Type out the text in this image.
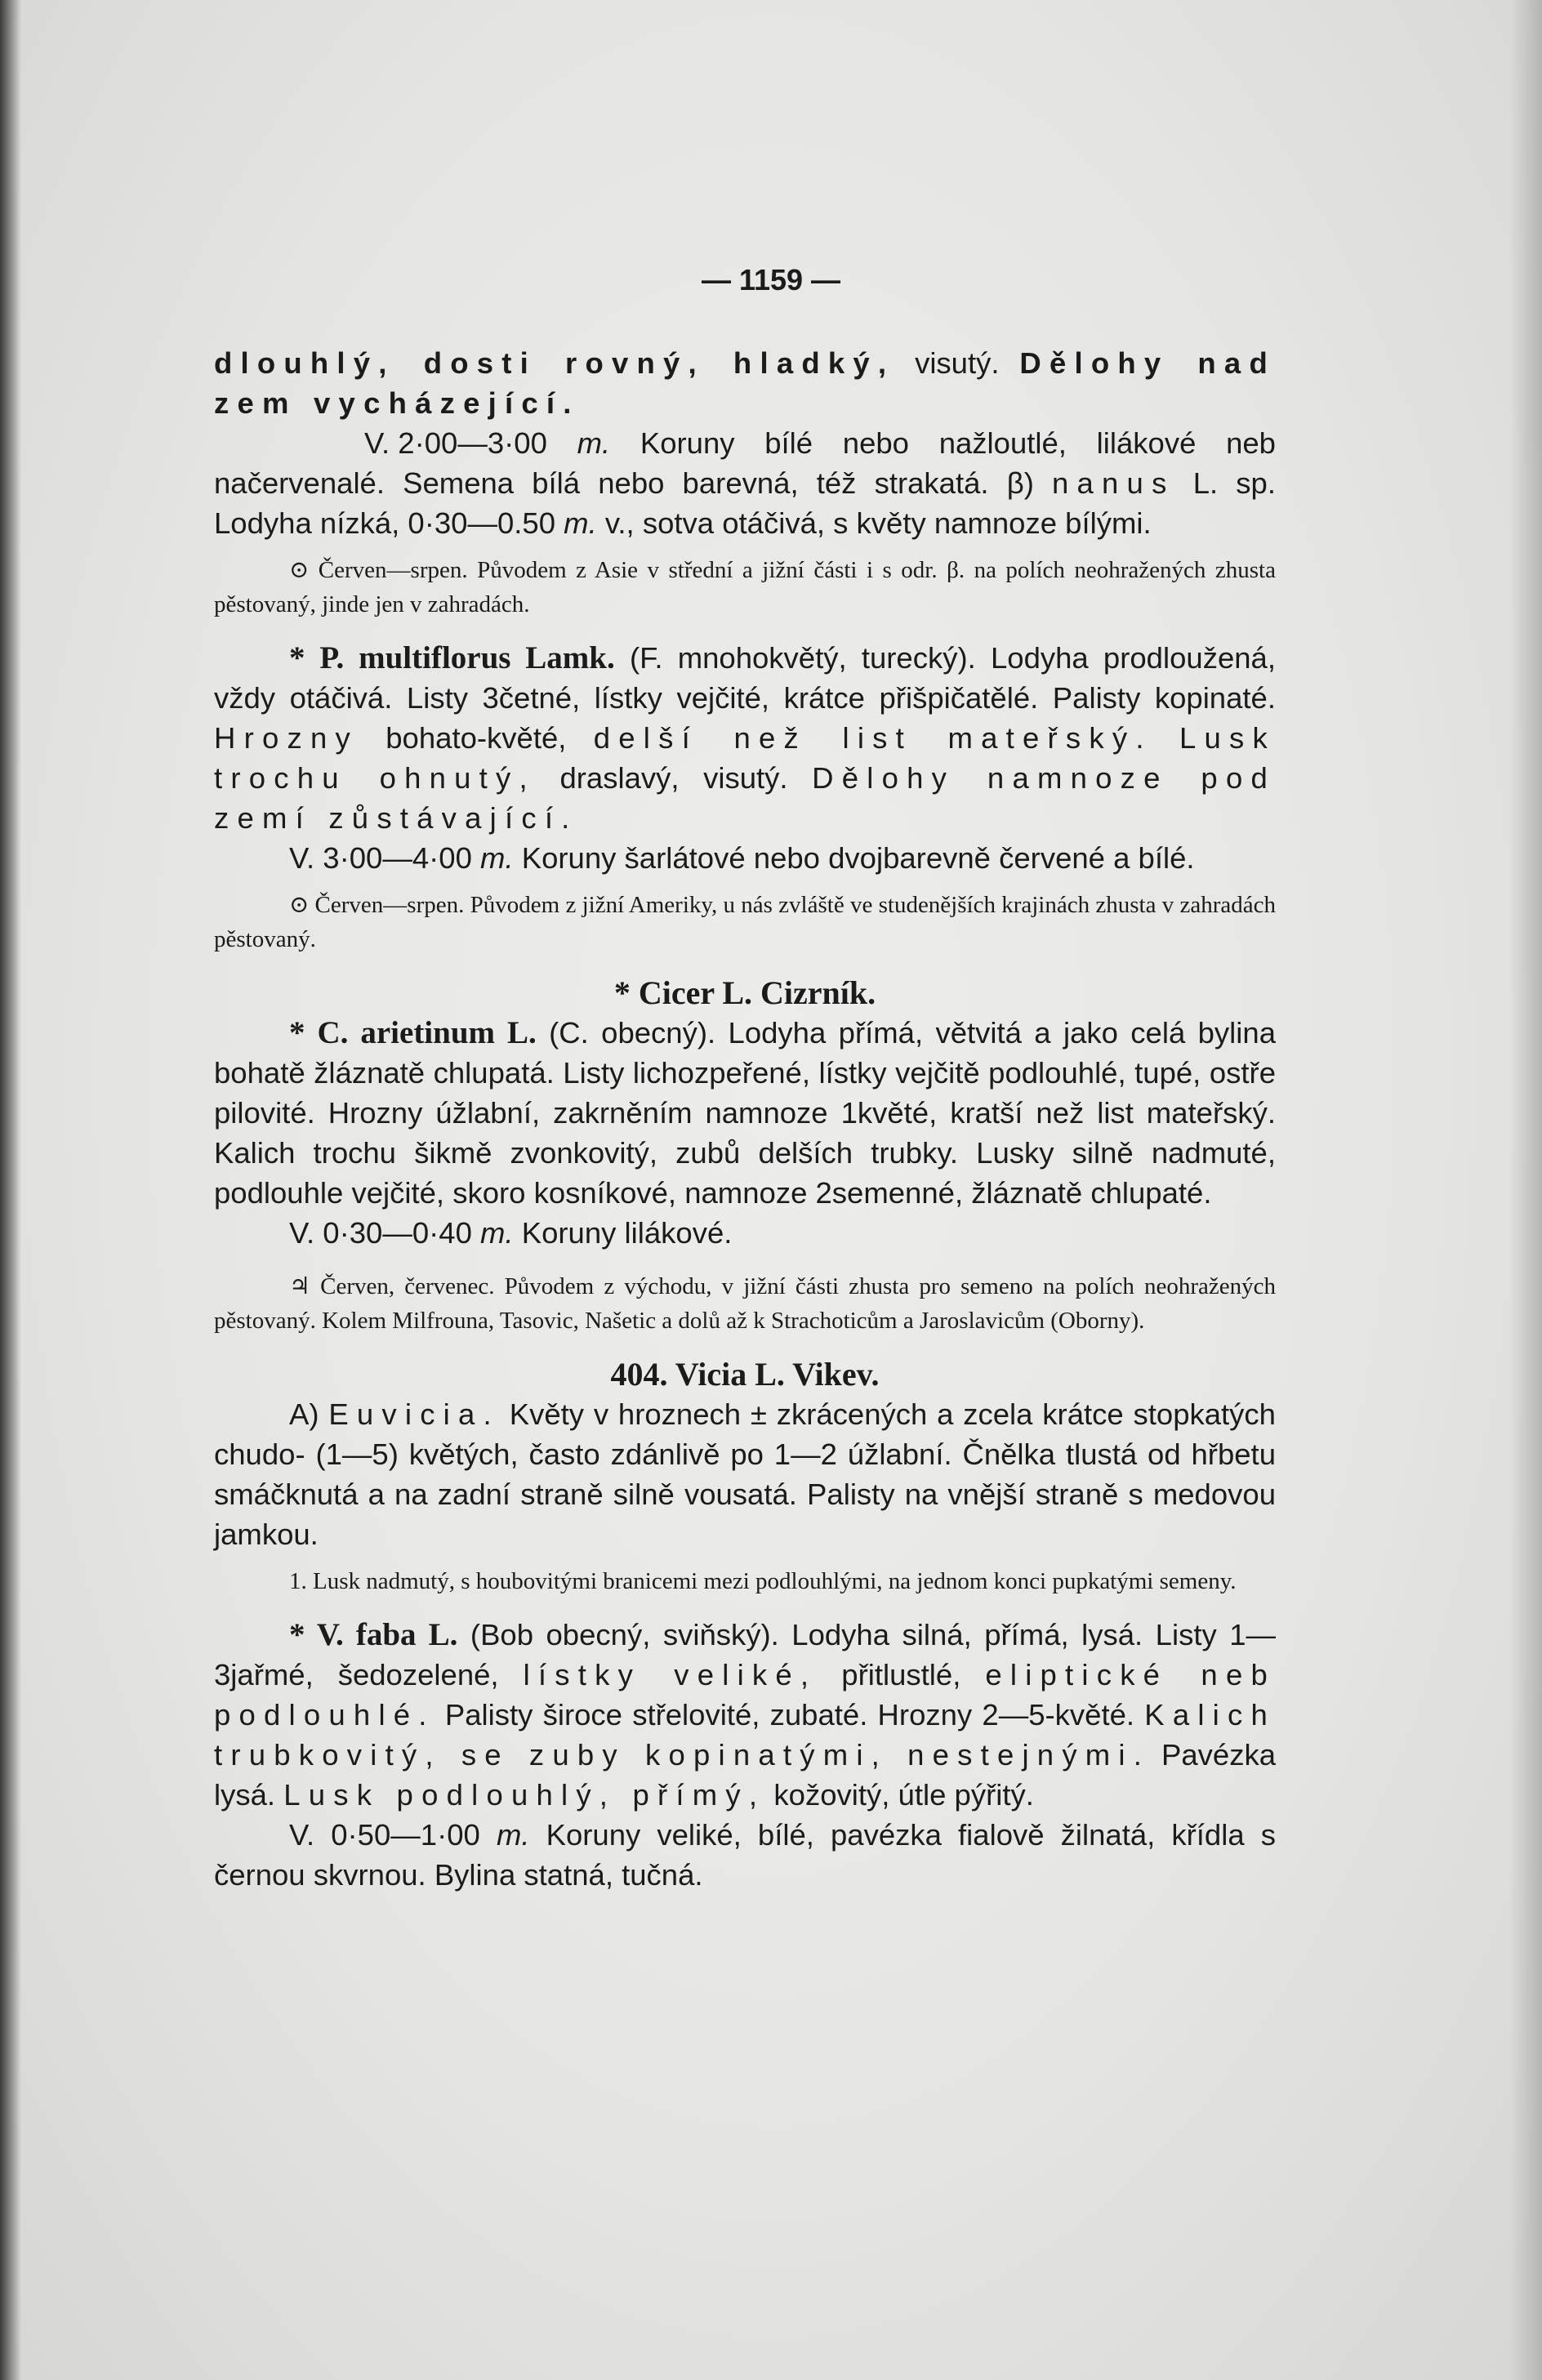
— 1159 —

dlouhlý, dosti rovný, hladký, visutý. Dělohy nad zem vycházející.

V. 2·00—3·00 m. Koruny bílé nebo nažloutlé, lilákové neb načervenalé. Semena bílá nebo barevná, též strakatá. β) nanus L. sp. Lodyha nízká, 0·30—0.50 m. v., sotva otáčivá, s květy namnoze bílými.

⊙ Červen—srpen. Původem z Asie v střední a jižní části i s odr. β. na polích neohražených zhusta pěstovaný, jinde jen v zahradách.

* P. multiflorus Lamk. (F. mnohokvětý, turecký). Lodyha prodloužená, vždy otáčivá. Listy 3četné, lístky vejčité, krátce přišpičatělé. Palisty kopinaté. Hrozny bohato-květé, delší než list mateřský. Lusk trochu ohnutý, draslavý, visutý. Dělohy namnoze pod zemí zůstávající.

V. 3·00—4·00 m. Koruny šarlátové nebo dvojbarevně červené a bílé.

⊙ Červen—srpen. Původem z jižní Ameriky, u nás zvláště ve studenějších krajinách zhusta v zahradách pěstovaný.

* Cicer L. Cizrník.

* C. arietinum L. (C. obecný). Lodyha přímá, větvitá a jako celá bylina bohatě žláznatě chlupatá. Listy lichozpeřené, lístky vejčitě podlouhlé, tupé, ostře pilovité. Hrozny úžlabní, zakrněním namnoze 1květé, kratší než list mateřský. Kalich trochu šikmě zvonkovitý, zubů delších trubky. Lusky silně nadmuté, podlouhle vejčité, skoro kosníkové, namnoze 2semenné, žláznatě chlupaté.

V. 0·30—0·40 m. Koruny lilákové.

♃ Červen, červenec. Původem z východu, v jižní části zhusta pro semeno na polích neohražených pěstovaný. Kolem Milfrouna, Tasovic, Našetic a dolů až k Strachoticům a Jaroslavicům (Oborny).

404. Vicia L. Vikev.

A) Euvicia. Květy v hroznech ± zkrácených a zcela krátce stopkatých chudo- (1—5) květých, často zdánlivě po 1—2 úžlabní. Čnělka tlustá od hřbetu smáčknutá a na zadní straně silně vousatá. Palisty na vnější straně s medovou jamkou.

1. Lusk nadmutý, s houbovitými branicemi mezi podlouhlými, na jednom konci pupkatými semeny.

* V. faba L. (Bob obecný, sviňský). Lodyha silná, přímá, lysá. Listy 1—3jařmé, šedozelené, lístky veliké, přitlustlé, eliptické neb podlouhlé. Palisty široce střelovité, zubaté. Hrozny 2—5-květé. Kalich trubkovitý, se zuby kopinatými, nestejnými. Pavézka lysá. Lusk podlouhlý, přímý, kožovitý, útle pýřitý.

V. 0·50—1·00 m. Koruny veliké, bílé, pavézka fialově žilnatá, křídla s černou skvrnou. Bylina statná, tučná.
